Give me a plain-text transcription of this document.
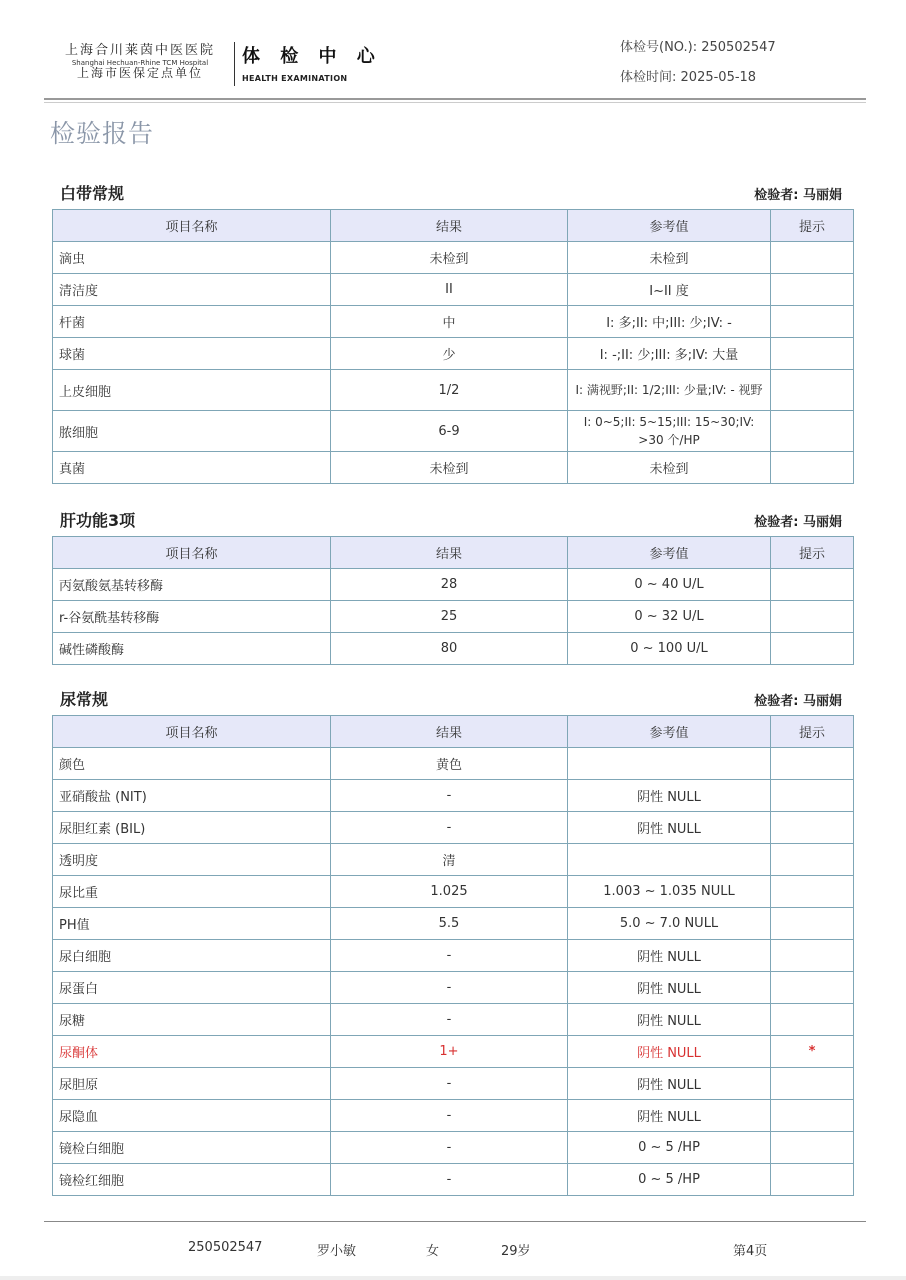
上海合川莱茵中医医院
Shanghai Hechuan-Rhine TCM Hospital
上海市医保定点单位
体 检 中 心
HEALTH EXAMINATION
体检号(NO.): 250502547
体检时间: 2025-05-18
检验报告
白带常规	检验者: 马丽娟
项目名称	结果	参考值	提示
滴虫	未检到	未检到	
清洁度	II	I~II 度	
杆菌	中	I: 多;II: 中;III: 少;IV: -	
球菌	少	I: -;II: 少;III: 多;IV: 大量	
上皮细胞	1/2	I: 满视野;II: 1/2;III: 少量;IV: - 视野	
脓细胞	6-9	I: 0~5;II: 5~15;III: 15~30;IV: >30 个/HP	
真菌	未检到	未检到	
肝功能3项	检验者: 马丽娟
项目名称	结果	参考值	提示
丙氨酸氨基转移酶	28	0 ~ 40 U/L	
r-谷氨酰基转移酶	25	0 ~ 32 U/L	
碱性磷酸酶	80	0 ~ 100 U/L	
尿常规	检验者: 马丽娟
项目名称	结果	参考值	提示
颜色	黄色		
亚硝酸盐 (NIT)	-	阴性 NULL	
尿胆红素 (BIL)	-	阴性 NULL	
透明度	清		
尿比重	1.025	1.003 ~ 1.035 NULL	
PH值	5.5	5.0 ~ 7.0 NULL	
尿白细胞	-	阴性 NULL	
尿蛋白	-	阴性 NULL	
尿糖	-	阴性 NULL	
尿酮体	1+	阴性 NULL	*
尿胆原	-	阴性 NULL	
尿隐血	-	阴性 NULL	
镜检白细胞	-	0 ~ 5 /HP	
镜检红细胞	-	0 ~ 5 /HP	
250502547	罗小敏	女	29岁	第4页
